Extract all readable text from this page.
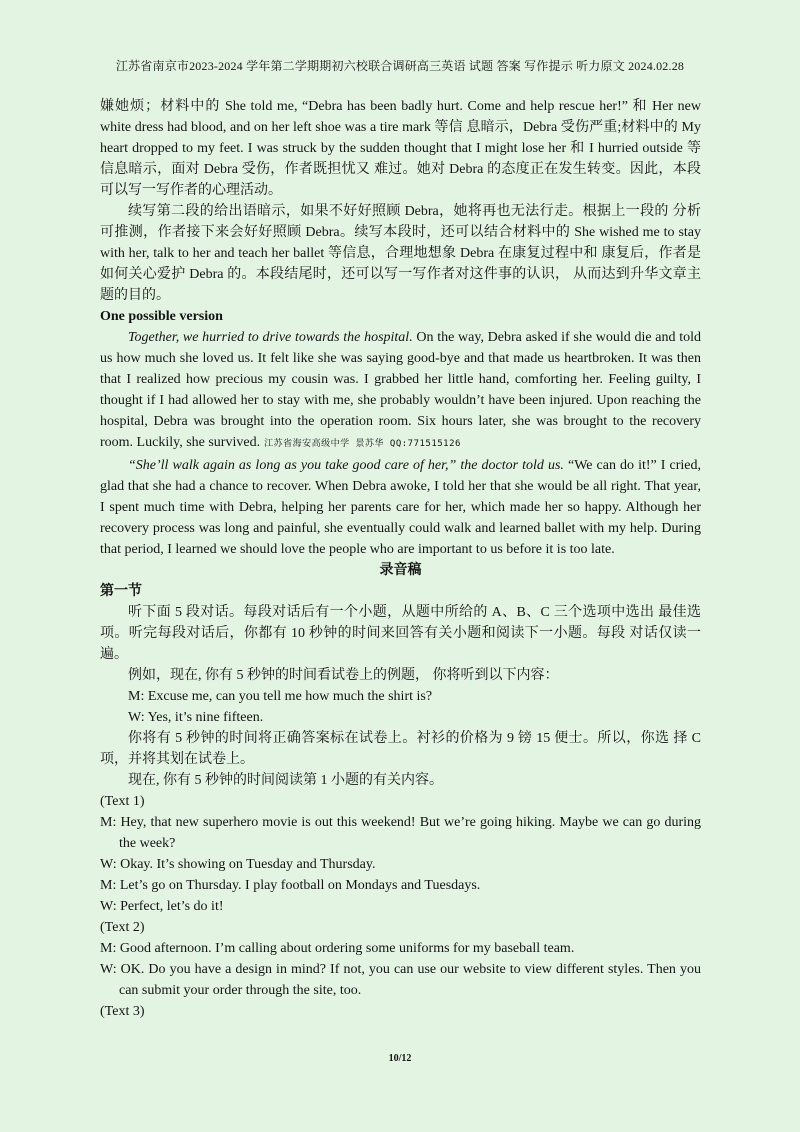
江苏省南京市2023-2024 学年第二学期期初六校联合调研高三英语 试题 答案 写作提示 听力原文 2024.02.28

嫌她烦；材料中的 She told me, “Debra has been badly hurt. Come and help rescue her!” 和 Her new white dress had blood, and on her left shoe was a tire mark 等信 息暗示，Debra 受伤严重;材料中的 My heart dropped to my feet. I was struck by the sudden thought that I might lose her 和 I hurried outside 等信息暗示，面对 Debra 受伤，作者既担忧又 难过。她对 Debra 的态度正在发生转变。因此，本段可以写一写作者的心理活动。

续写第二段的给出语暗示，如果不好好照顾 Debra，她将再也无法行走。根据上一段的 分析可推测，作者接下来会好好照顾 Debra。续写本段时，还可以结合材料中的 She wished me to stay with her, talk to her and teach her ballet 等信息，合理地想象 Debra 在康复过程中和 康复后，作者是如何关心爱护 Debra 的。本段结尾时，还可以写一写作者对这件事的认识， 从而达到升华文章主题的目的。

One possible version

Together, we hurried to drive towards the hospital. On the way, Debra asked if she would die and told us how much she loved us. It felt like she was saying good-bye and that made us heartbroken. It was then that I realized how precious my cousin was. I grabbed her little hand, comforting her. Feeling guilty, I thought if I had allowed her to stay with me, she probably wouldn’t have been injured. Upon reaching the hospital, Debra was brought into the operation room. Six hours later, she was brought to the recovery room. Luckily, she survived. 江苏省海安高级中学 景苏华 QQ:771515126

“She’ll walk again as long as you take good care of her,” the doctor told us. “We can do it!” I cried, glad that she had a chance to recover. When Debra awoke, I told her that she would be all right. That year, I spent much time with Debra, helping her parents care for her, which made her so happy. Although her recovery process was long and painful, she eventually could walk and learned ballet with my help. During that period, I learned we should love the people who are important to us before it is too late.

录音稿

第一节

听下面 5 段对话。每段对话后有一个小题，从题中所给的 A、B、C 三个选项中选出 最佳选项。听完每段对话后，你都有 10 秒钟的时间来回答有关小题和阅读下一小题。每段 对话仅读一遍。

例如，现在, 你有 5 秒钟的时间看试卷上的例题， 你将听到以下内容：

M: Excuse me, can you tell me how much the shirt is?

W: Yes, it’s nine fifteen.

你将有 5 秒钟的时间将正确答案标在试卷上。衬衫的价格为 9 镑 15 便士。所以，你选 择 C 项，并将其划在试卷上。

现在, 你有 5 秒钟的时间阅读第 1 小题的有关内容。

(Text 1)

M: Hey, that new superhero movie is out this weekend! But we’re going hiking. Maybe we can go during the week?

W: Okay. It’s showing on Tuesday and Thursday.

M: Let’s go on Thursday. I play football on Mondays and Tuesdays.

W: Perfect, let’s do it!

(Text 2)

M: Good afternoon. I’m calling about ordering some uniforms for my baseball team.

W: OK. Do you have a design in mind? If not, you can use our website to view different styles. Then you can submit your order through the site, too.

(Text 3)

10/12
